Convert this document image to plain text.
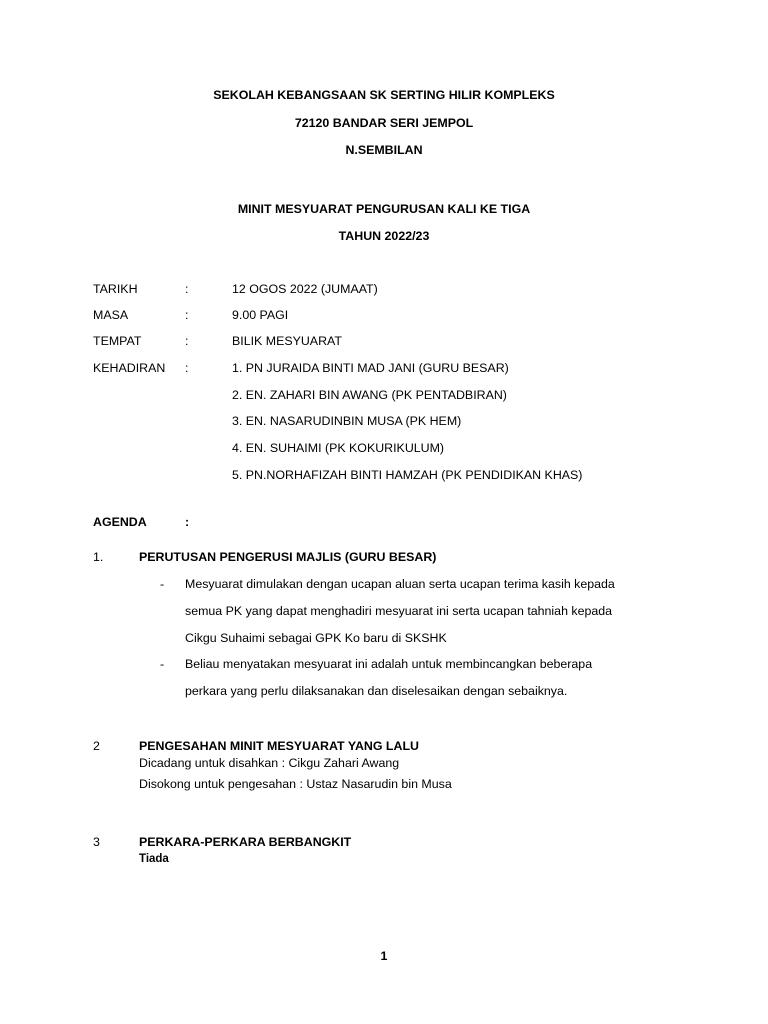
SEKOLAH KEBANGSAAN SK SERTING HILIR KOMPLEKS
72120 BANDAR SERI JEMPOL
N.SEMBILAN
MINIT MESYUARAT PENGURUSAN KALI KE TIGA
TAHUN 2022/23
TARIKH	:	12 OGOS 2022 (JUMAAT)
MASA	:	9.00 PAGI
TEMPAT	:	BILIK MESYUARAT
KEHADIRAN :	1. PN JURAIDA BINTI MAD JANI (GURU BESAR)
2. EN. ZAHARI BIN AWANG (PK PENTADBIRAN)
3. EN. NASARUDINBIN MUSA (PK HEM)
4. EN. SUHAIMI (PK KOKURIKULUM)
5. PN.NORHAFIZAH BINTI HAMZAH (PK PENDIDIKAN KHAS)
AGENDA	:
1.	PERUTUSAN PENGERUSI MAJLIS (GURU BESAR)
- Mesyuarat dimulakan dengan ucapan aluan serta ucapan terima kasih kepada
semua PK yang dapat menghadiri mesyuarat ini serta ucapan tahniah kepada
Cikgu Suhaimi sebagai GPK Ko baru di SKSHK
- Beliau menyatakan mesyuarat ini adalah untuk membincangkan beberapa
perkara yang perlu dilaksanakan dan diselesaikan dengan sebaiknya.
2	PENGESAHAN MINIT MESYUARAT YANG LALU
Dicadang untuk disahkan : Cikgu Zahari Awang
Disokong untuk pengesahan : Ustaz Nasarudin bin Musa
3	PERKARA-PERKARA BERBANGKIT
Tiada
1
